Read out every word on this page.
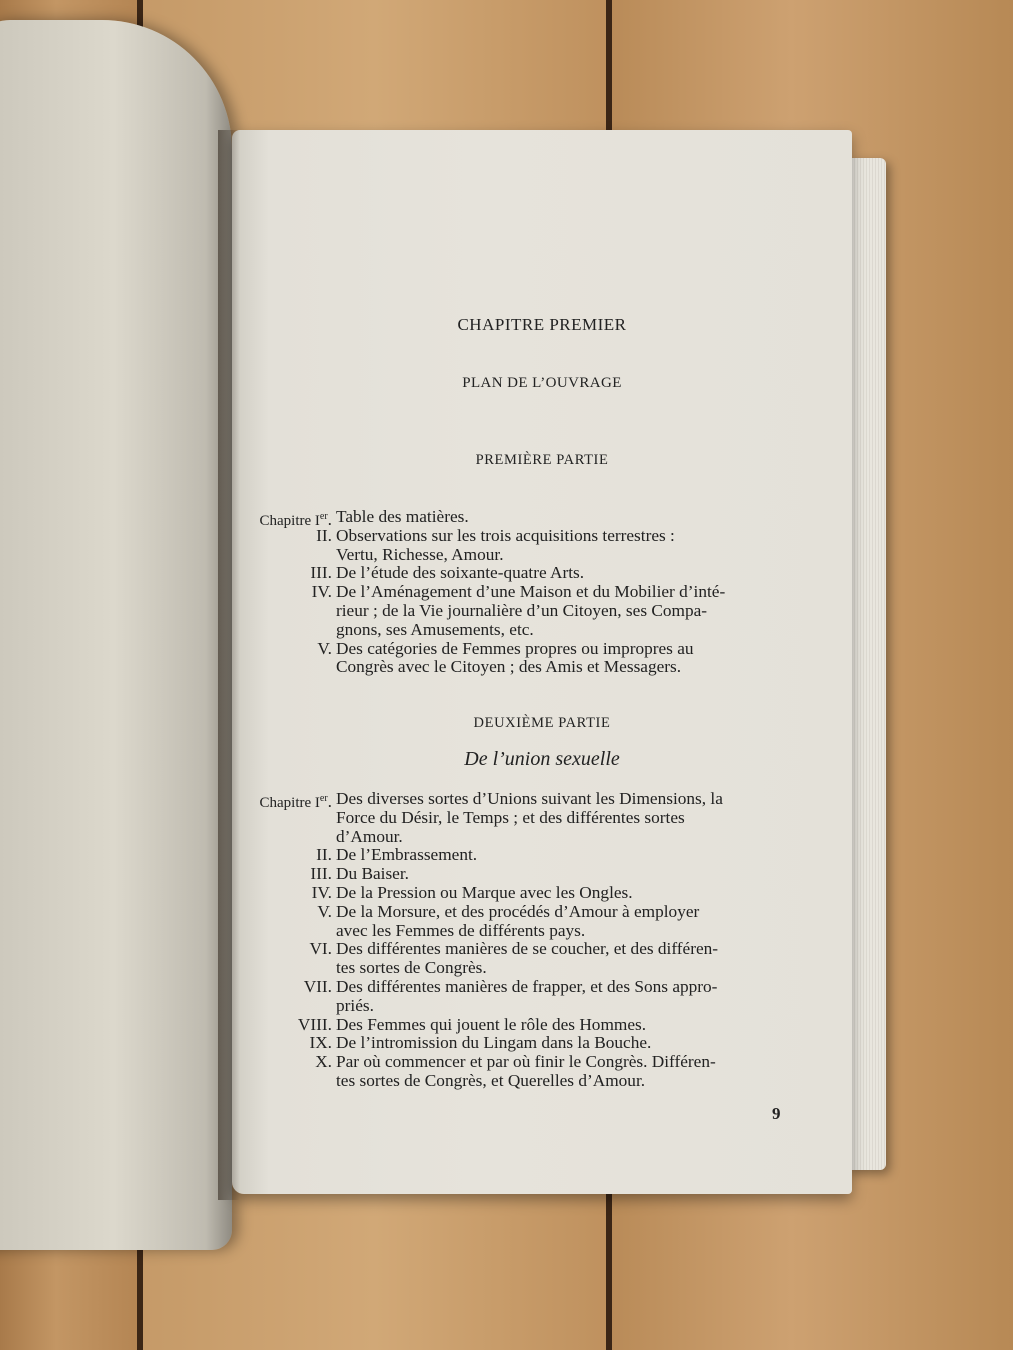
CHAPITRE PREMIER
PLAN DE L’OUVRAGE
PREMIÈRE PARTIE
Chapitre Ier. Table des matières.
II. Observations sur les trois acquisitions terrestres :
Vertu, Richesse, Amour.
III. De l’étude des soixante-quatre Arts.
IV. De l’Aménagement d’une Maison et du Mobilier d’inté-
rieur ; de la Vie journalière d’un Citoyen, ses Compa-
gnons, ses Amusements, etc.
V. Des catégories de Femmes propres ou impropres au
Congrès avec le Citoyen ; des Amis et Messagers.
DEUXIÈME PARTIE
De l’union sexuelle
Chapitre Ier. Des diverses sortes d’Unions suivant les Dimensions, la
Force du Désir, le Temps ; et des différentes sortes
d’Amour.
II. De l’Embrassement.
III. Du Baiser.
IV. De la Pression ou Marque avec les Ongles.
V. De la Morsure, et des procédés d’Amour à employer
avec les Femmes de différents pays.
VI. Des différentes manières de se coucher, et des différen-
tes sortes de Congrès.
VII. Des différentes manières de frapper, et des Sons appro-
priés.
VIII. Des Femmes qui jouent le rôle des Hommes.
IX. De l’intromission du Lingam dans la Bouche.
X. Par où commencer et par où finir le Congrès. Différen-
tes sortes de Congrès, et Querelles d’Amour.
9
